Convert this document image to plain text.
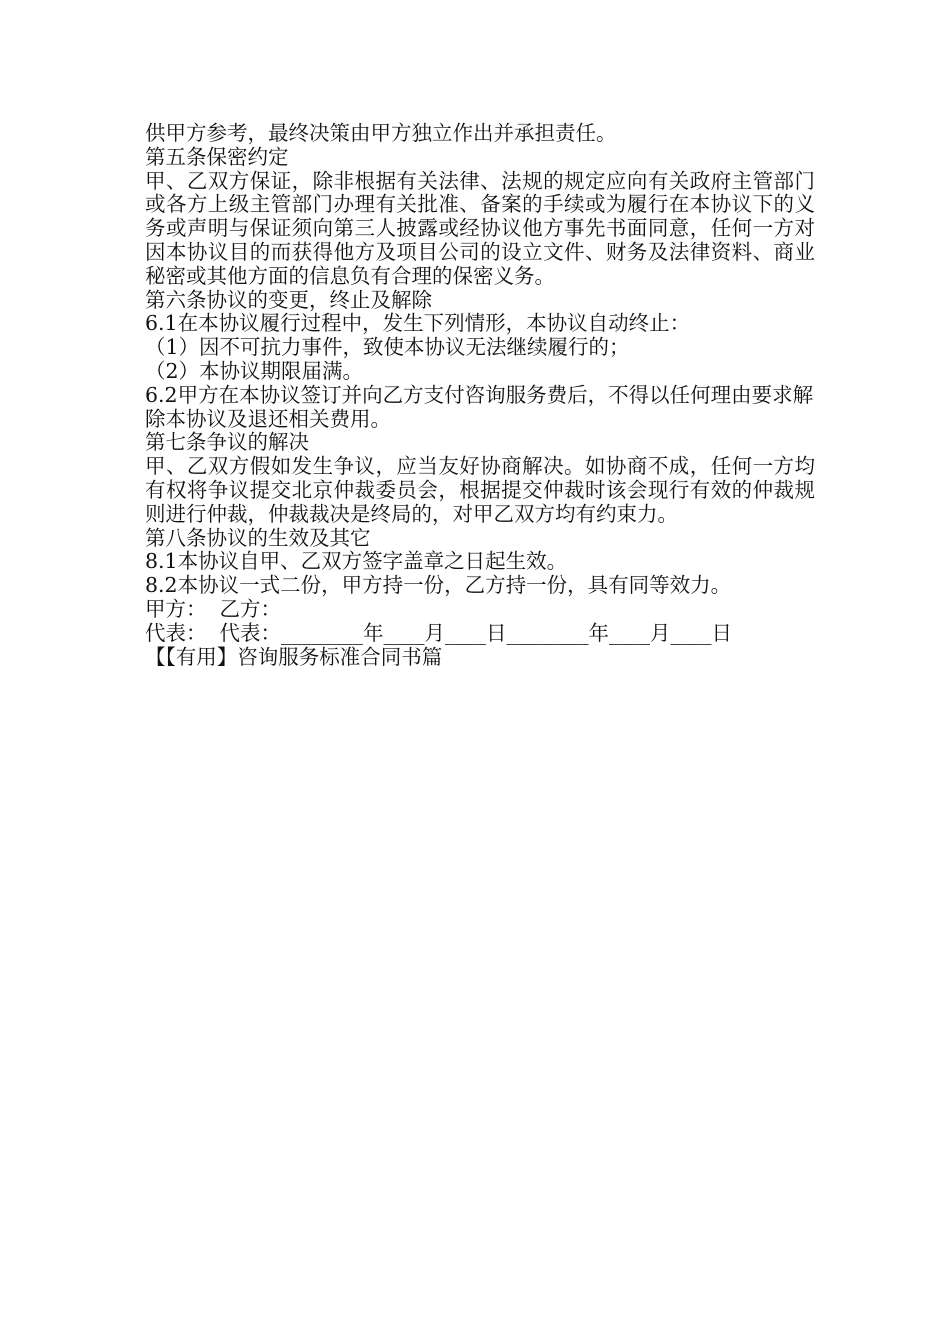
供甲方参考，最终决策由甲方独立作出并承担责任。
第五条保密约定
甲、乙双方保证，除非根据有关法律、法规的规定应向有关政府主管部门或各方上级主管部门办理有关批准、备案的手续或为履行在本协议下的义务或声明与保证须向第三人披露或经协议他方事先书面同意，任何一方对因本协议目的而获得他方及项目公司的设立文件、财务及法律资料、商业秘密或其他方面的信息负有合理的保密义务。
第六条协议的变更，终止及解除
6.1在本协议履行过程中，发生下列情形，本协议自动终止：
（1）因不可抗力事件，致使本协议无法继续履行的；
（2）本协议期限届满。
6.2甲方在本协议签订并向乙方支付咨询服务费后，不得以任何理由要求解
除本协议及退还相关费用。
第七条争议的解决
甲、乙双方假如发生争议，应当友好协商解决。如协商不成，任何一方均有权将争议提交北京仲裁委员会，根据提交仲裁时该会现行有效的仲裁规则进行仲裁，仲裁裁决是终局的，对甲乙双方均有约束力。
第八条协议的生效及其它
8.1本协议自甲、乙双方签字盖章之日起生效。
8.2本协议一式二份，甲方持一份，乙方持一份，具有同等效力。
甲方：  乙方：
代表：  代表：________年____月____日________年____月____日
【【有用】咨询服务标准合同书篇
